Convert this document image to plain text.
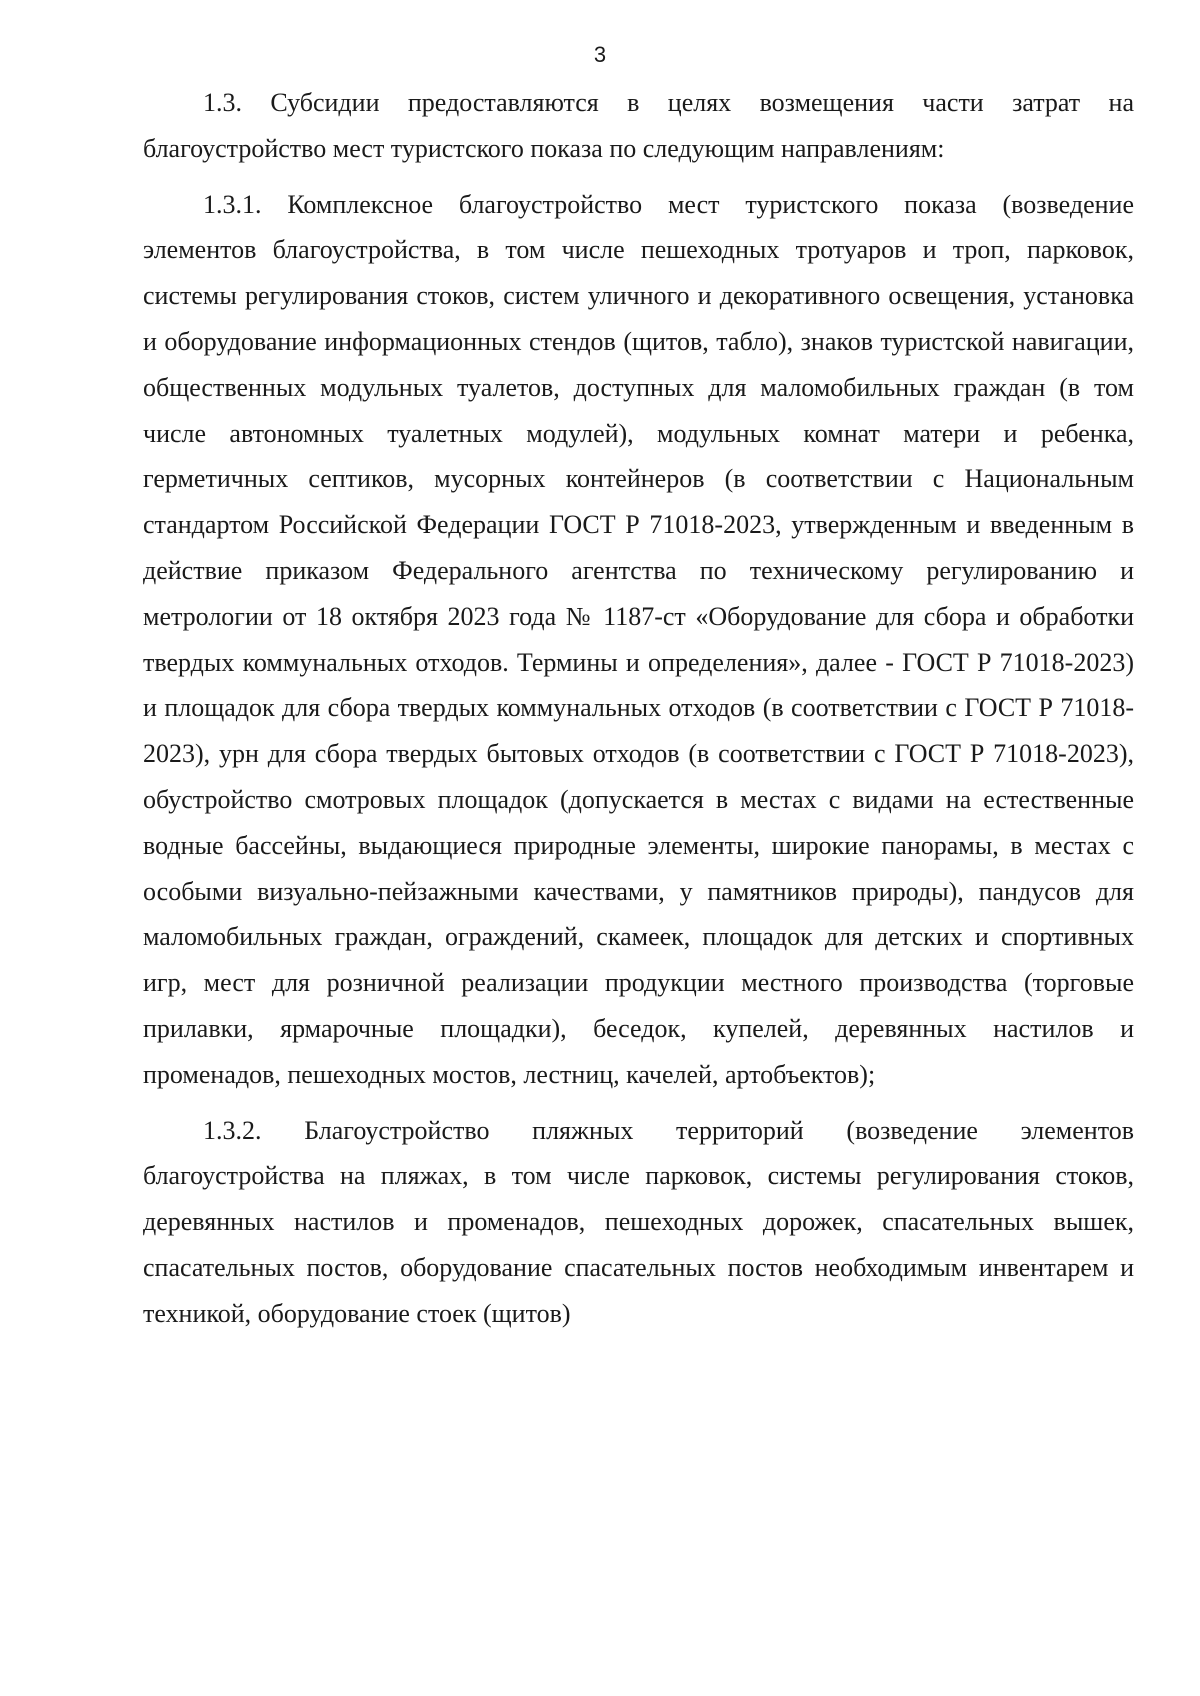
3

1.3. Субсидии предоставляются в целях возмещения части затрат на благоустройство мест туристского показа по следующим направлениям:

1.3.1. Комплексное благоустройство мест туристского показа (возведение элементов благоустройства, в том числе пешеходных тротуаров и троп, парковок, системы регулирования стоков, систем уличного и декоративного освещения, установка и оборудование информационных стендов (щитов, табло), знаков туристской навигации, общественных модульных туалетов, доступных для маломобильных граждан (в том числе автономных туалетных модулей), модульных комнат матери и ребенка, герметичных септиков, мусорных контейнеров (в соответствии с Национальным стандартом Российской Федерации ГОСТ Р 71018-2023, утвержденным и введенным в действие приказом Федерального агентства по техническому регулированию и метрологии от 18 октября 2023 года № 1187-ст «Оборудование для сбора и обработки твердых коммунальных отходов. Термины и определения», далее - ГОСТ Р 71018-2023) и площадок для сбора твердых коммунальных отходов (в соответствии с ГОСТ Р 71018-2023), урн для сбора твердых бытовых отходов (в соответствии с ГОСТ Р 71018-2023), обустройство смотровых площадок (допускается в местах с видами на естественные водные бассейны, выдающиеся природные элементы, широкие панорамы, в местах с особыми визуально-пейзажными качествами, у памятников природы), пандусов для маломобильных граждан, ограждений, скамеек, площадок для детских и спортивных игр, мест для розничной реализации продукции местного производства (торговые прилавки, ярмарочные площадки), беседок, купелей, деревянных настилов и променадов, пешеходных мостов, лестниц, качелей, артобъектов);

1.3.2. Благоустройство пляжных территорий (возведение элементов благоустройства на пляжах, в том числе парковок, системы регулирования стоков, деревянных настилов и променадов, пешеходных дорожек, спасательных вышек, спасательных постов, оборудование спасательных постов необходимым инвентарем и техникой, оборудование стоек (щитов)
